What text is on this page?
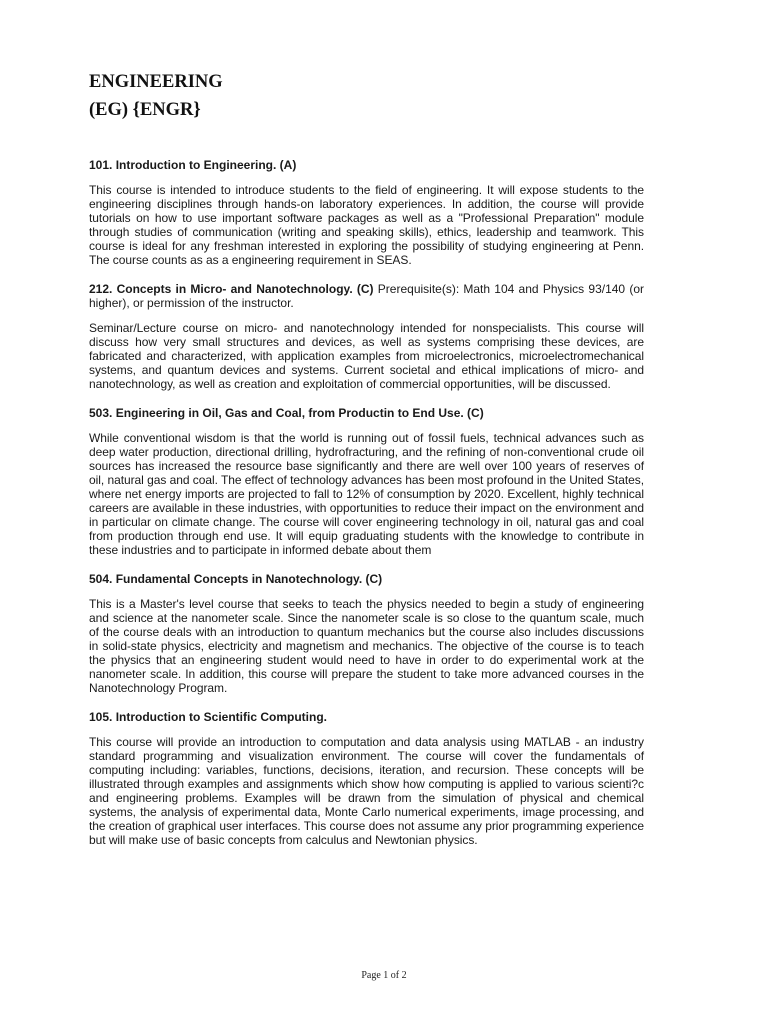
ENGINEERING
(EG) {ENGR}

101. Introduction to Engineering. (A)

This course is intended to introduce students to the field of engineering. It will expose students to the engineering disciplines through hands-on laboratory experiences. In addition, the course will provide tutorials on how to use important software packages as well as a "Professional Preparation" module through studies of communication (writing and speaking skills), ethics, leadership and teamwork. This course is ideal for any freshman interested in exploring the possibility of studying engineering at Penn. The course counts as as a engineering requirement in SEAS.

212. Concepts in Micro- and Nanotechnology. (C) Prerequisite(s): Math 104 and Physics 93/140 (or higher), or permission of the instructor.

Seminar/Lecture course on micro- and nanotechnology intended for nonspecialists. This course will discuss how very small structures and devices, as well as systems comprising these devices, are fabricated and characterized, with application examples from microelectronics, microelectromechanical systems, and quantum devices and systems. Current societal and ethical implications of micro- and nanotechnology, as well as creation and exploitation of commercial opportunities, will be discussed.

503. Engineering in Oil, Gas and Coal, from Productin to End Use. (C)

While conventional wisdom is that the world is running out of fossil fuels, technical advances such as deep water production, directional drilling, hydrofracturing, and the refining of non-conventional crude oil sources has increased the resource base significantly and there are well over 100 years of reserves of oil, natural gas and coal. The effect of technology advances has been most profound in the United States, where net energy imports are projected to fall to 12% of consumption by 2020. Excellent, highly technical careers are available in these industries, with opportunities to reduce their impact on the environment and in particular on climate change. The course will cover engineering technology in oil, natural gas and coal from production through end use. It will equip graduating students with the knowledge to contribute in these industries and to participate in informed debate about them

504. Fundamental Concepts in Nanotechnology. (C)

This is a Master's level course that seeks to teach the physics needed to begin a study of engineering and science at the nanometer scale. Since the nanometer scale is so close to the quantum scale, much of the course deals with an introduction to quantum mechanics but the course also includes discussions in solid-state physics, electricity and magnetism and mechanics. The objective of the course is to teach the physics that an engineering student would need to have in order to do experimental work at the nanometer scale. In addition, this course will prepare the student to take more advanced courses in the Nanotechnology Program.

105. Introduction to Scientific Computing.

This course will provide an introduction to computation and data analysis using MATLAB - an industry standard programming and visualization environment. The course will cover the fundamentals of computing including: variables, functions, decisions, iteration, and recursion. These concepts will be illustrated through examples and assignments which show how computing is applied to various scienti?c and engineering problems. Examples will be drawn from the simulation of physical and chemical systems, the analysis of experimental data, Monte Carlo numerical experiments, image processing, and the creation of graphical user interfaces. This course does not assume any prior programming experience but will make use of basic concepts from calculus and Newtonian physics.

Page 1 of 2
